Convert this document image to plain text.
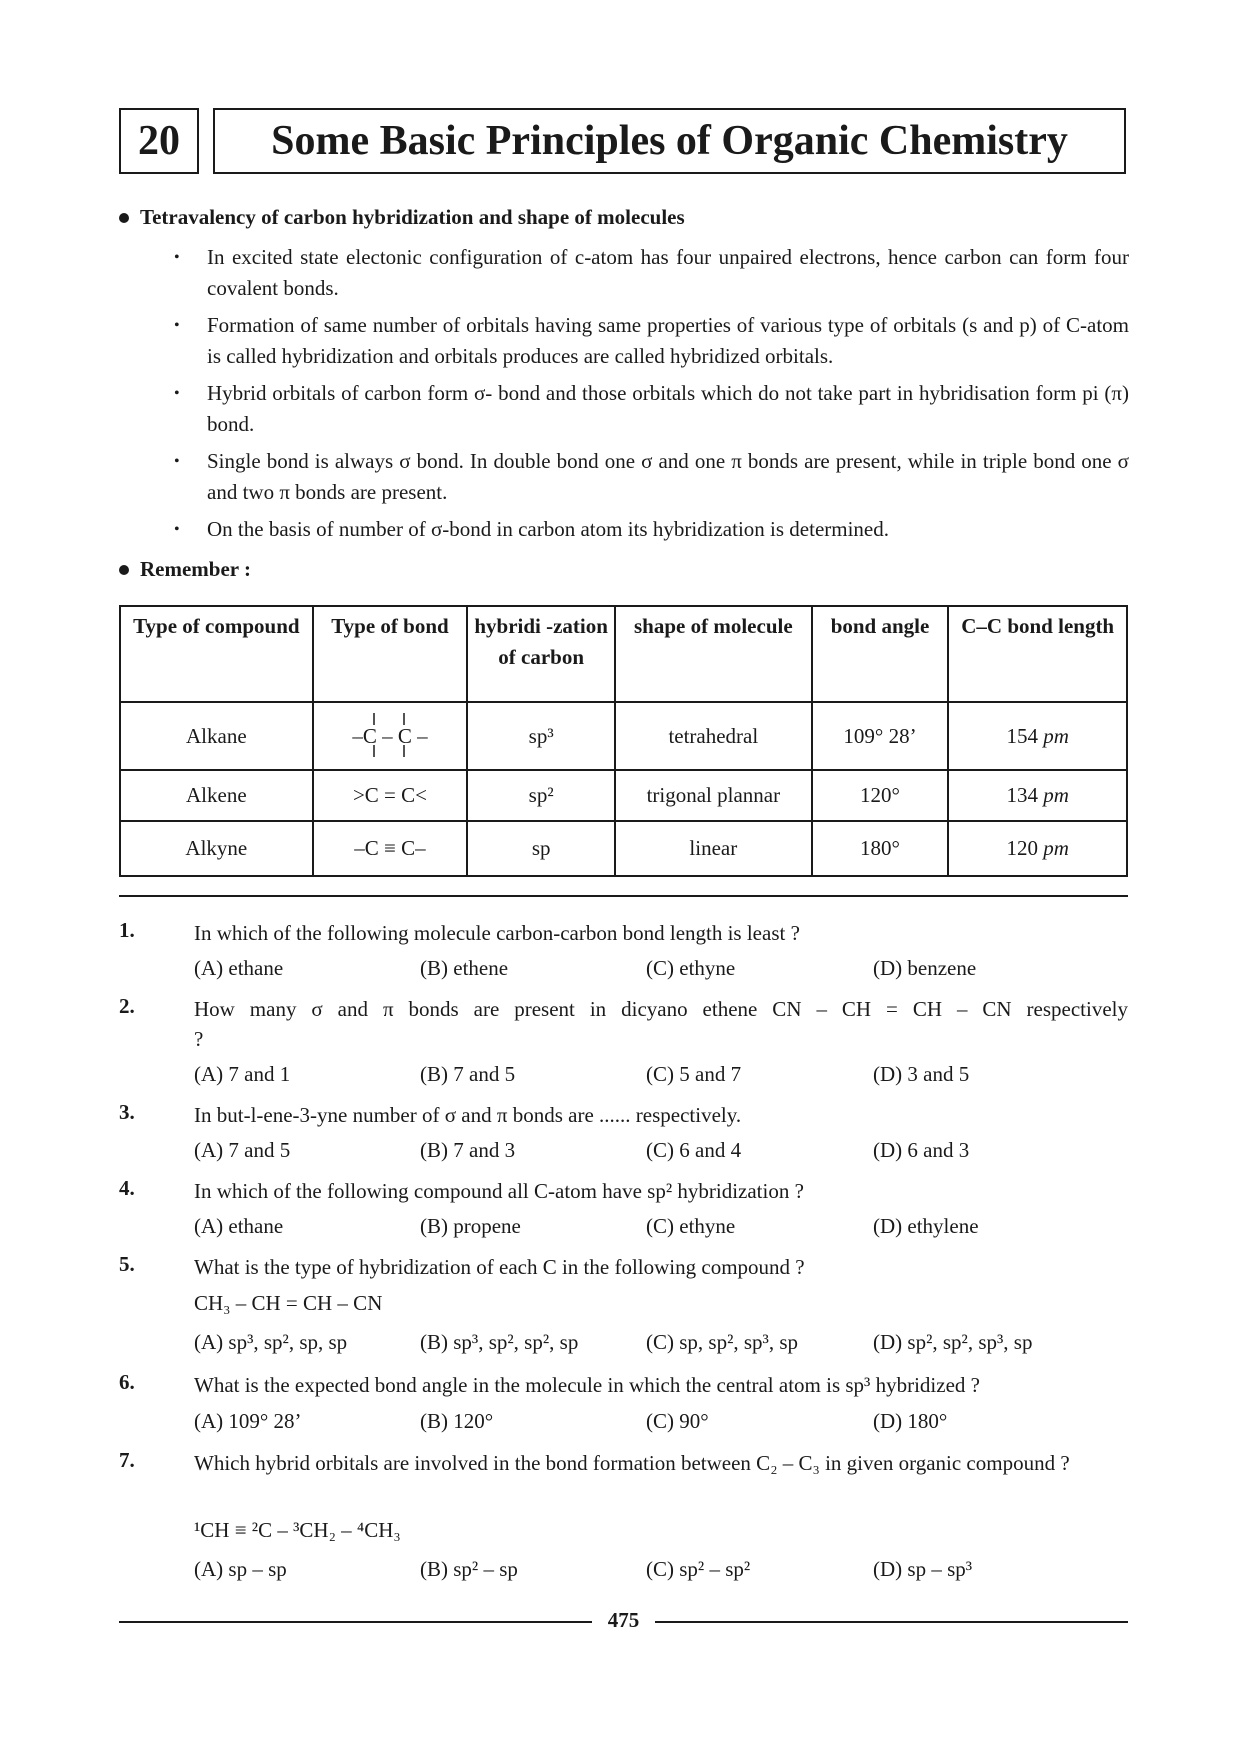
20	Some Basic Principles of Organic Chemistry
Tetravalency of carbon hybridization and shape of molecules
• In excited state electonic configuration of c-atom has four unpaired electrons, hence carbon can form four covalent bonds.
• Formation of same number of orbitals having same properties of various type of orbitals (s and p) of C-atom is called hybridization and orbitals produces are called hybridized orbitals.
• Hybrid orbitals of carbon form σ- bond and those orbitals which do not take part in hybridisation form pi (π) bond.
• Single bond is always σ bond. In double bond one σ and one π bonds are present, while in triple bond one σ and two π bonds are present.
• On the basis of number of σ-bond in carbon atom its hybridization is determined.
Remember :
Type of compound	Type of bond	hybridi -zation of carbon	shape of molecule	bond angle	C–C bond length
Alkane	–C – C –	sp³	tetrahedral	109° 28’	154 pm
Alkene	>C = C<	sp²	trigonal plannar	120°	134 pm
Alkyne	–C ≡ C–	sp	linear	180°	120 pm
1.	In which of the following molecule carbon-carbon bond length is least ?
(A) ethane	(B) ethene	(C) ethyne	(D) benzene
2.	How many σ and π bonds are present in dicyano ethene CN – CH = CH – CN respectively ?
(A) 7 and 1	(B) 7 and 5	(C) 5 and 7	(D) 3 and 5
3.	In but-l-ene-3-yne number of σ and π bonds are ...... respectively.
(A) 7 and 5	(B) 7 and 3	(C) 6 and 4	(D) 6 and 3
4.	In which of the following compound all C-atom have sp² hybridization ?
(A) ethane	(B) propene	(C) ethyne	(D) ethylene
5.	What is the type of hybridization of each C in the following compound ?
CH₃ – CH = CH – CN
(A) sp³, sp², sp, sp	(B) sp³, sp², sp², sp	(C) sp, sp², sp³, sp	(D) sp², sp², sp³, sp
6.	What is the expected bond angle in the molecule in which the central atom is sp³ hybridized ?
(A) 109° 28’	(B) 120°	(C) 90°	(D) 180°
7.	Which hybrid orbitals are involved in the bond formation between C₂ – C₃ in given organic compound ?
¹CH ≡ ²C – ³CH₂ – ⁴CH₃
(A) sp – sp	(B) sp² – sp	(C) sp² – sp²	(D) sp – sp³
475
